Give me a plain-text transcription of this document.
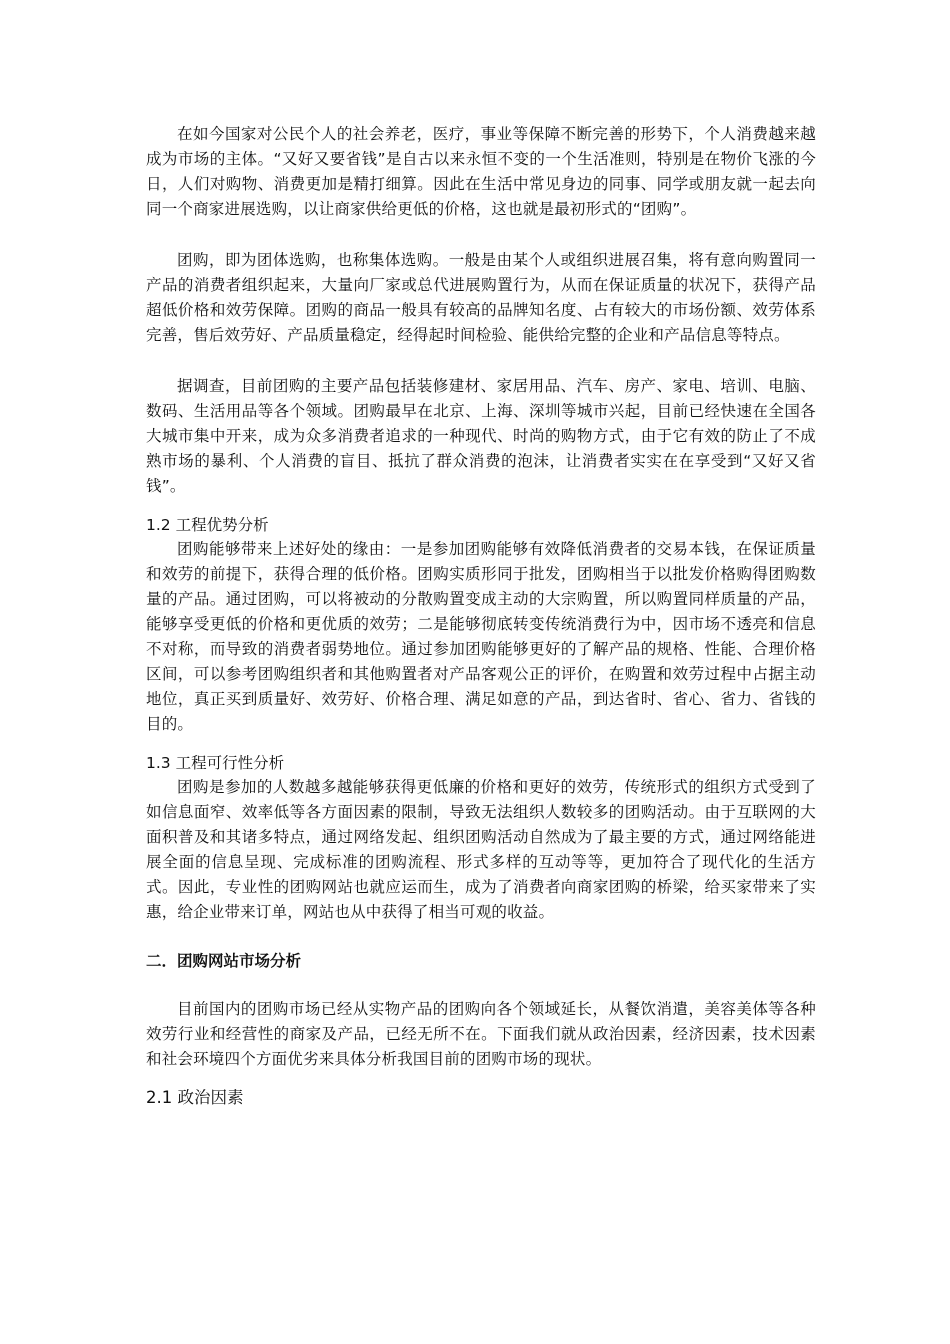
在如今国家对公民个人的社会养老，医疗，事业等保障不断完善的形势下，个人消费越来越成为市场的主体。“又好又要省钱”是自古以来永恒不变的一个生活准则，特别是在物价飞涨的今日，人们对购物、消费更加是精打细算。因此在生活中常见身边的同事、同学或朋友就一起去向同一个商家进展选购，以让商家供给更低的价格，这也就是最初形式的“团购”。

团购，即为团体选购，也称集体选购。一般是由某个人或组织进展召集，将有意向购置同一产品的消费者组织起来，大量向厂家或总代进展购置行为，从而在保证质量的状况下，获得产品超低价格和效劳保障。团购的商品一般具有较高的品牌知名度、占有较大的市场份额、效劳体系完善，售后效劳好、产品质量稳定，经得起时间检验、能供给完整的企业和产品信息等特点。

据调查，目前团购的主要产品包括装修建材、家居用品、汽车、房产、家电、培训、电脑、数码、生活用品等各个领域。团购最早在北京、上海、深圳等城市兴起，目前已经快速在全国各大城市集中开来，成为众多消费者追求的一种现代、时尚的购物方式，由于它有效的防止了不成熟市场的暴利、个人消费的盲目、抵抗了群众消费的泡沫，让消费者实实在在享受到“又好又省钱”。

1.2 工程优势分析

团购能够带来上述好处的缘由：一是参加团购能够有效降低消费者的交易本钱，在保证质量和效劳的前提下，获得合理的低价格。团购实质形同于批发，团购相当于以批发价格购得团购数量的产品。通过团购，可以将被动的分散购置变成主动的大宗购置，所以购置同样质量的产品，能够享受更低的价格和更优质的效劳；二是能够彻底转变传统消费行为中，因市场不透亮和信息不对称，而导致的消费者弱势地位。通过参加团购能够更好的了解产品的规格、性能、合理价格区间，可以参考团购组织者和其他购置者对产品客观公正的评价，在购置和效劳过程中占据主动地位，真正买到质量好、效劳好、价格合理、满足如意的产品，到达省时、省心、省力、省钱的目的。

1.3 工程可行性分析

团购是参加的人数越多越能够获得更低廉的价格和更好的效劳，传统形式的组织方式受到了如信息面窄、效率低等各方面因素的限制，导致无法组织人数较多的团购活动。由于互联网的大面积普及和其诸多特点，通过网络发起、组织团购活动自然成为了最主要的方式，通过网络能进展全面的信息呈现、完成标准的团购流程、形式多样的互动等等，更加符合了现代化的生活方式。因此，专业性的团购网站也就应运而生，成为了消费者向商家团购的桥梁，给买家带来了实惠，给企业带来订单，网站也从中获得了相当可观的收益。

二．团购网站市场分析

目前国内的团购市场已经从实物产品的团购向各个领域延长，从餐饮消遣，美容美体等各种效劳行业和经营性的商家及产品，已经无所不在。下面我们就从政治因素，经济因素，技术因素和社会环境四个方面优劣来具体分析我国目前的团购市场的现状。

2.1 政治因素
